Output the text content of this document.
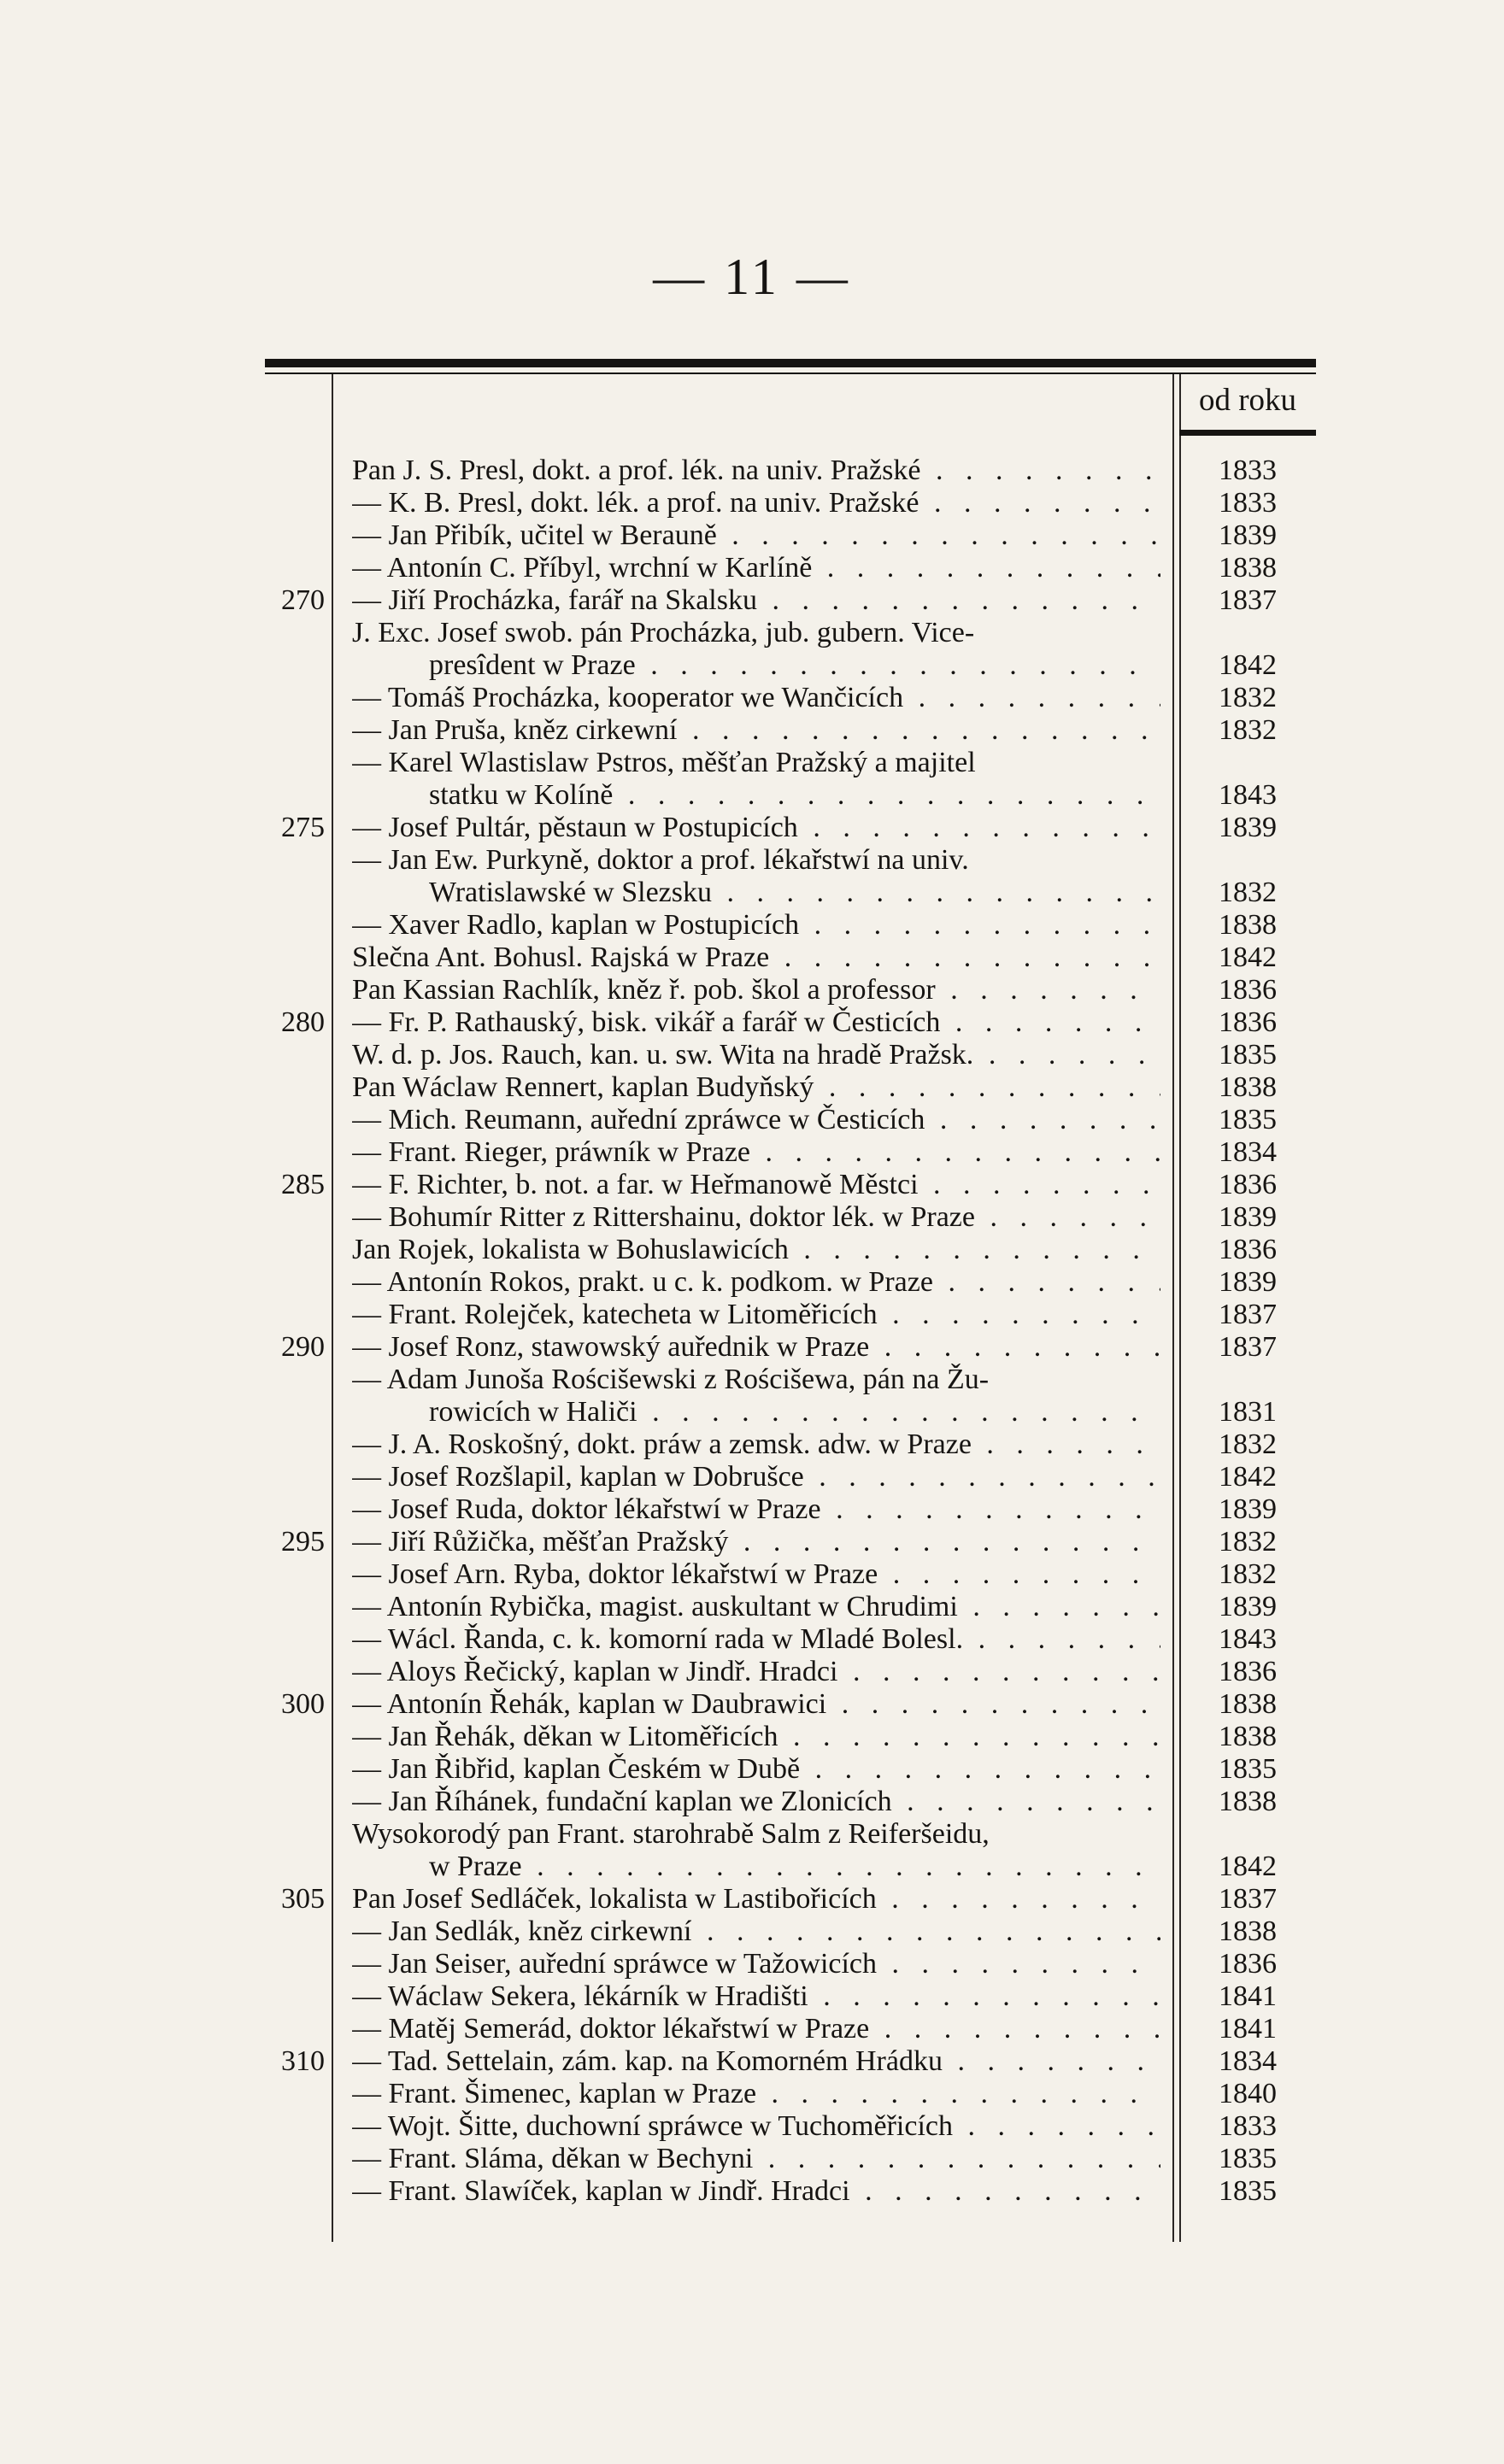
— 11 —
od roku
Pan J. S. Presl, dokt. a prof. lék. na univ. Pražské . . .	1833
— K. B. Presl, dokt. lék. a prof. na univ. Pražské . . .	1833
— Jan Přibík, učitel w Berauně . . .	1839
— Antonín C. Příbyl, wrchní w Karlíně . . .	1838
270 — Jiří Procházka, farář na Skalsku . . .	1837
J. Exc. Josef swob. pán Procházka, jub. gubern. Vice-
presîdent w Praze . . .	1842
— Tomáš Procházka, kooperator we Wančicích . . .	1832
— Jan Pruša, kněz cirkewní . . .	1832
— Karel Wlastislaw Pstros, měšťan Pražský a majitel
statku w Kolíně . . .	1843
275 — Josef Pultár, pěstaun w Postupicích . . .	1839
— Jan Ew. Purkyně, doktor a prof. lékařstwí na univ.
Wratislawské w Slezsku . . .	1832
— Xaver Radlo, kaplan w Postupicích . . .	1838
Slečna Ant. Bohusl. Rajská w Praze . . .	1842
Pan Kassian Rachlík, kněz ř. pob. škol a professor . . .	1836
280 — Fr. P. Rathauský, bisk. vikář a farář w Česticích . . .	1836
W. d. p. Jos. Rauch, kan. u. sw. Wita na hradě Pražsk. . . .	1835
Pan Wáclaw Rennert, kaplan Budyňský . . .	1838
— Mich. Reumann, auřední zpráwce w Česticích . . .	1835
— Frant. Rieger, práwník w Praze . . .	1834
285 — F. Richter, b. not. a far. w Heřmanowě Městci . . .	1836
— Bohumír Ritter z Rittershainu, doktor lék. w Praze . . .	1839
Jan Rojek, lokalista w Bohuslawicích . . .	1836
— Antonín Rokos, prakt. u c. k. podkom. w Praze . . .	1839
— Frant. Rolejček, katecheta w Litoměřicích . . .	1837
290 — Josef Ronz, stawowský auřednik w Praze . . .	1837
— Adam Junoša Rościšewski z Rościšewa, pán na Žu-
rowicích w Haliči . . .	1831
— J. A. Roskošný, dokt. práw a zemsk. adw. w Praze . . .	1832
— Josef Rozšlapil, kaplan w Dobrušce . . .	1842
— Josef Ruda, doktor lékařstwí w Praze . . .	1839
295 — Jiří Růžička, měšťan Pražský . . .	1832
— Josef Arn. Ryba, doktor lékařstwí w Praze . . .	1832
— Antonín Rybička, magist. auskultant w Chrudimi . . .	1839
— Wácl. Řanda, c. k. komorní rada w Mladé Bolesl. . . .	1843
— Aloys Řečický, kaplan w Jindř. Hradci . . .	1836
300 — Antonín Řehák, kaplan w Daubrawici . . .	1838
— Jan Řehák, děkan w Litoměřicích . . .	1838
— Jan Řibřid, kaplan Českém w Dubě . . .	1835
— Jan Říhánek, fundační kaplan we Zlonicích . . .	1838
Wysokorodý pan Frant. starohrabě Salm z Reiferšeidu,
w Praze . . .	1842
305 Pan Josef Sedláček, lokalista w Lastibořicích . . .	1837
— Jan Sedlák, kněz cirkewní . . .	1838
— Jan Seiser, auřední spráwce w Tažowicích . . .	1836
— Wáclaw Sekera, lékárník w Hradišti . . .	1841
— Matěj Semerád, doktor lékařstwí w Praze . . .	1841
310 — Tad. Settelain, zám. kap. na Komorném Hrádku . . .	1834
— Frant. Šimenec, kaplan w Praze . . .	1840
— Wojt. Šitte, duchowní spráwce w Tuchoměřicích . . .	1833
— Frant. Sláma, děkan w Bechyni . . .	1835
— Frant. Slawíček, kaplan w Jindř. Hradci . . .	1835
